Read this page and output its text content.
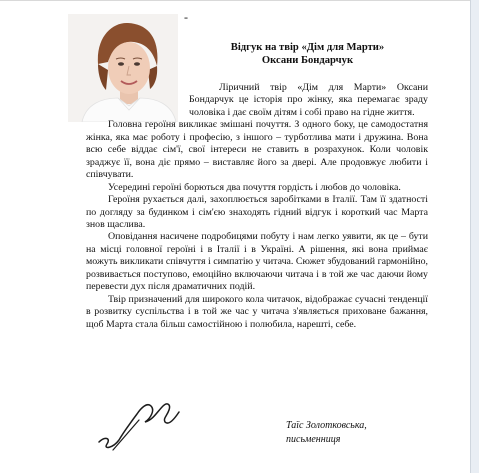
-
Відгук на твір «Дім для Марти»
Оксани Бондарчук

Ліричний твір «Дім для Марти» Оксани Бондарчук це історія про жінку, яка перемагає зраду чоловіка і дає своїм дітям і собі право на гідне життя.

Головна героїня викликає змішані почуття. З одного боку, це самодостатня жінка, яка має роботу і професію, з іншого – турботлива мати і дружина. Вона всю себе віддає сім'ї, свої інтереси не ставить в розрахунок. Коли чоловік зраджує її, вона діє прямо – виставляє його за двері. Але продовжує любити і співчувати.

Усередині героїні борються два почуття гордість і любов до чоловіка.

Героїня рухається далі, захоплюється заробітками в Італії. Там її здатності по догляду за будинком і сім'єю знаходять гідний відгук і короткий час Марта знов щаслива.

Оповідання насичене подробицями побуту і нам легко уявити, як це – бути на місці головної героїні і в Італії і в Україні. А рішення, які вона приймає можуть викликати співчуття і симпатію у читача. Сюжет збудований гармонійно, розвивається поступово, емоційно включаючи читача і в той же час даючи йому перевести дух після драматичних подій.

Твір призначений для широкого кола читачок, відображає сучасні тенденції в розвитку суспільства і в той же час у читача з'являється приховане бажання, щоб Марта стала більш самостійною і полюбила, нарешті, себе.

Таїс Золотковська,
письменниця
